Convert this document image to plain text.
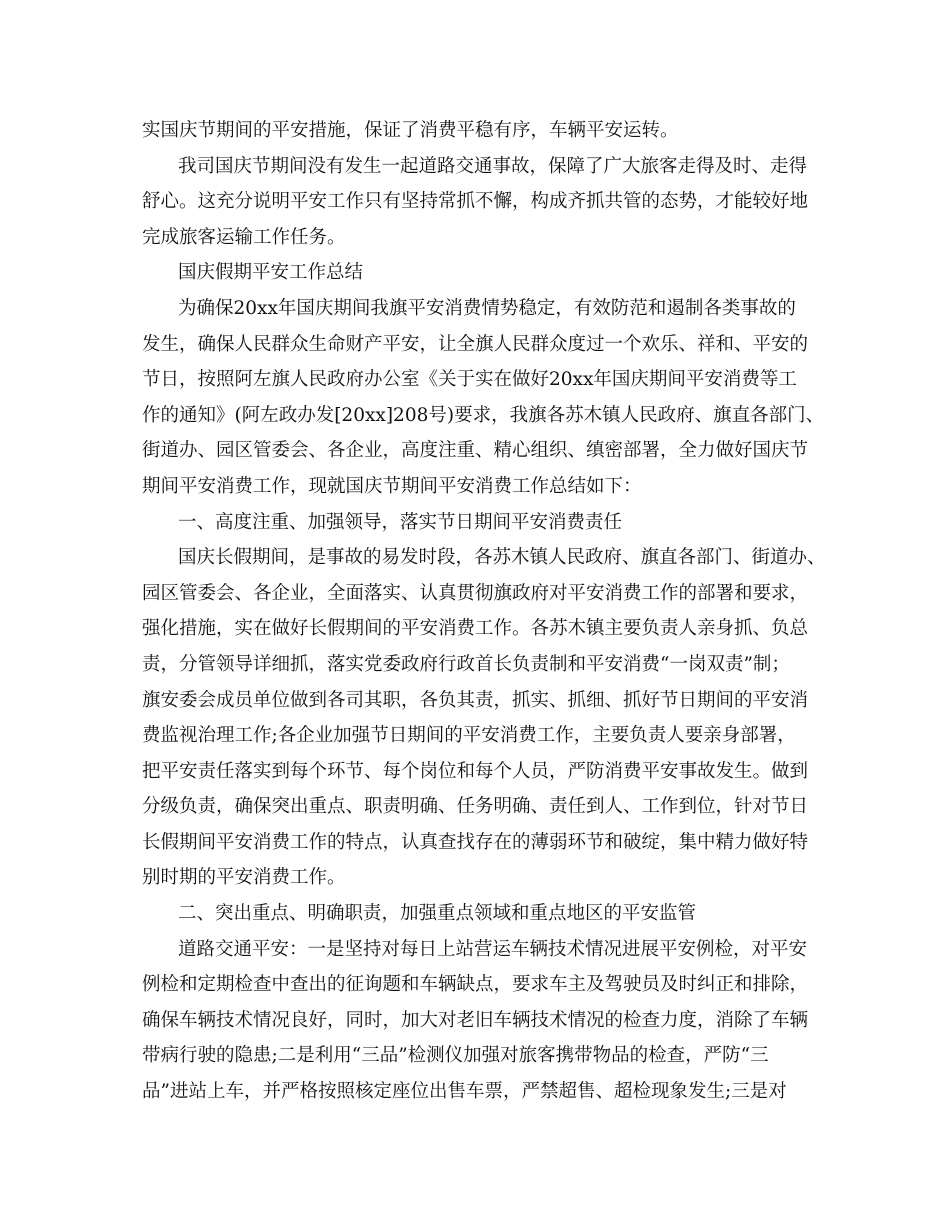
实国庆节期间的平安措施，保证了消费平稳有序，车辆平安运转。
我司国庆节期间没有发生一起道路交通事故，保障了广大旅客走得及时、走得
舒心。这充分说明平安工作只有坚持常抓不懈，构成齐抓共管的态势，才能较好地
完成旅客运输工作任务。
国庆假期平安工作总结
为确保20xx年国庆期间我旗平安消费情势稳定，有效防范和遏制各类事故的
发生，确保人民群众生命财产平安，让全旗人民群众度过一个欢乐、祥和、平安的
节日，按照阿左旗人民政府办公室《关于实在做好20xx年国庆期间平安消费等工
作的通知》(阿左政办发[20xx]208号)要求，我旗各苏木镇人民政府、旗直各部门、
街道办、园区管委会、各企业，高度注重、精心组织、缜密部署，全力做好国庆节
期间平安消费工作，现就国庆节期间平安消费工作总结如下：
一、高度注重、加强领导，落实节日期间平安消费责任
国庆长假期间，是事故的易发时段，各苏木镇人民政府、旗直各部门、街道办、
园区管委会、各企业，全面落实、认真贯彻旗政府对平安消费工作的部署和要求，
强化措施，实在做好长假期间的平安消费工作。各苏木镇主要负责人亲身抓、负总
责，分管领导详细抓，落实党委政府行政首长负责制和平安消费“一岗双责”制；
旗安委会成员单位做到各司其职，各负其责，抓实、抓细、抓好节日期间的平安消
费监视治理工作;各企业加强节日期间的平安消费工作，主要负责人要亲身部署，
把平安责任落实到每个环节、每个岗位和每个人员，严防消费平安事故发生。做到
分级负责，确保突出重点、职责明确、任务明确、责任到人、工作到位，针对节日
长假期间平安消费工作的特点，认真查找存在的薄弱环节和破绽，集中精力做好特
别时期的平安消费工作。
二、突出重点、明确职责，加强重点领域和重点地区的平安监管
道路交通平安：一是坚持对每日上站营运车辆技术情况进展平安例检，对平安
例检和定期检查中查出的征询题和车辆缺点，要求车主及驾驶员及时纠正和排除，
确保车辆技术情况良好，同时，加大对老旧车辆技术情况的检查力度，消除了车辆
带病行驶的隐患;二是利用“三品”检测仪加强对旅客携带物品的检查，严防“三
品”进站上车，并严格按照核定座位出售车票，严禁超售、超检现象发生;三是对
